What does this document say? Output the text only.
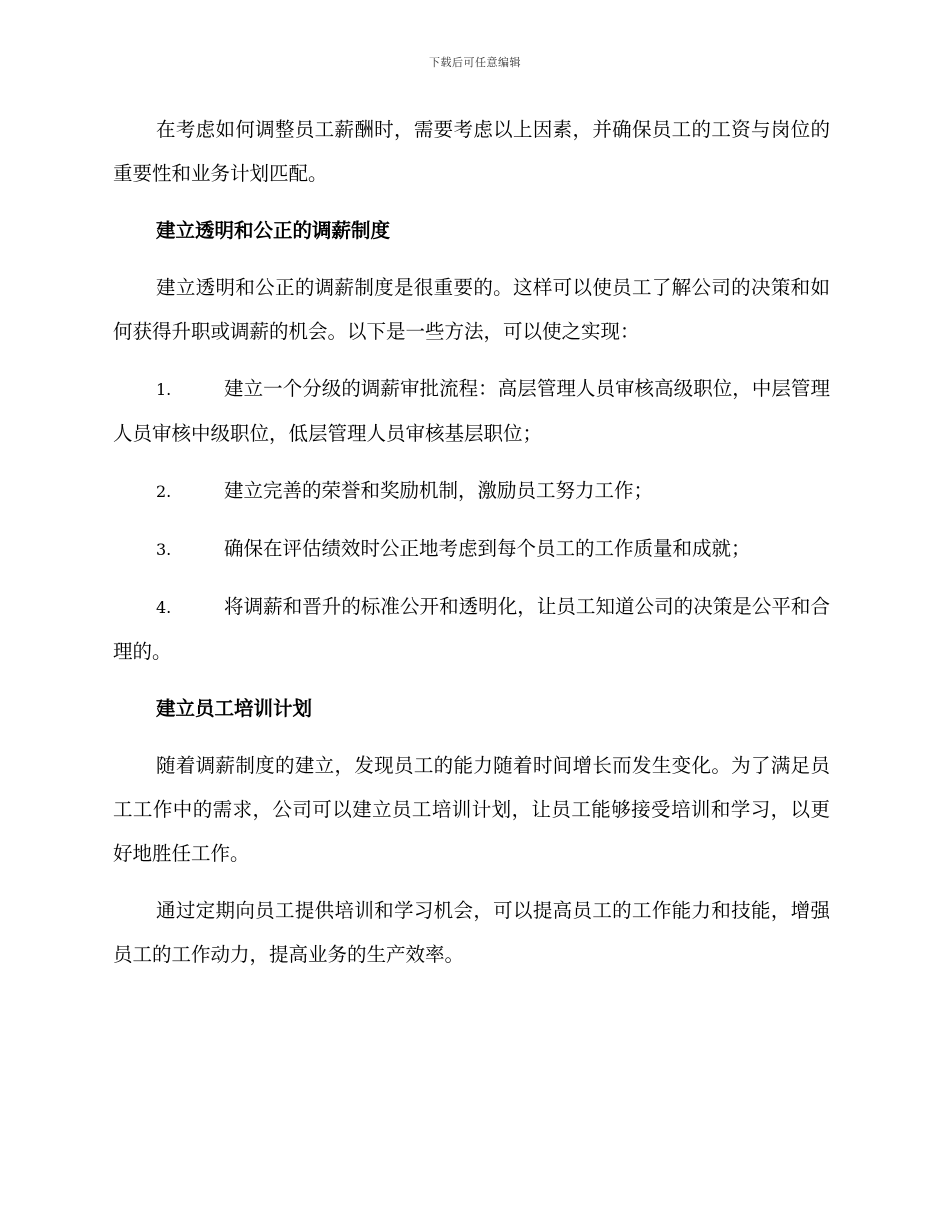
下载后可任意编辑

在考虑如何调整员工薪酬时，需要考虑以上因素，并确保员工的工资与岗位的重要性和业务计划匹配。

建立透明和公正的调薪制度

建立透明和公正的调薪制度是很重要的。这样可以使员工了解公司的决策和如何获得升职或调薪的机会。以下是一些方法，可以使之实现：

1.	建立一个分级的调薪审批流程：高层管理人员审核高级职位，中层管理人员审核中级职位，低层管理人员审核基层职位；

2.	建立完善的荣誉和奖励机制，激励员工努力工作；

3.	确保在评估绩效时公正地考虑到每个员工的工作质量和成就；

4.	将调薪和晋升的标准公开和透明化，让员工知道公司的决策是公平和合理的。

建立员工培训计划

随着调薪制度的建立，发现员工的能力随着时间增长而发生变化。为了满足员工工作中的需求，公司可以建立员工培训计划，让员工能够接受培训和学习，以更好地胜任工作。

通过定期向员工提供培训和学习机会，可以提高员工的工作能力和技能，增强员工的工作动力，提高业务的生产效率。
